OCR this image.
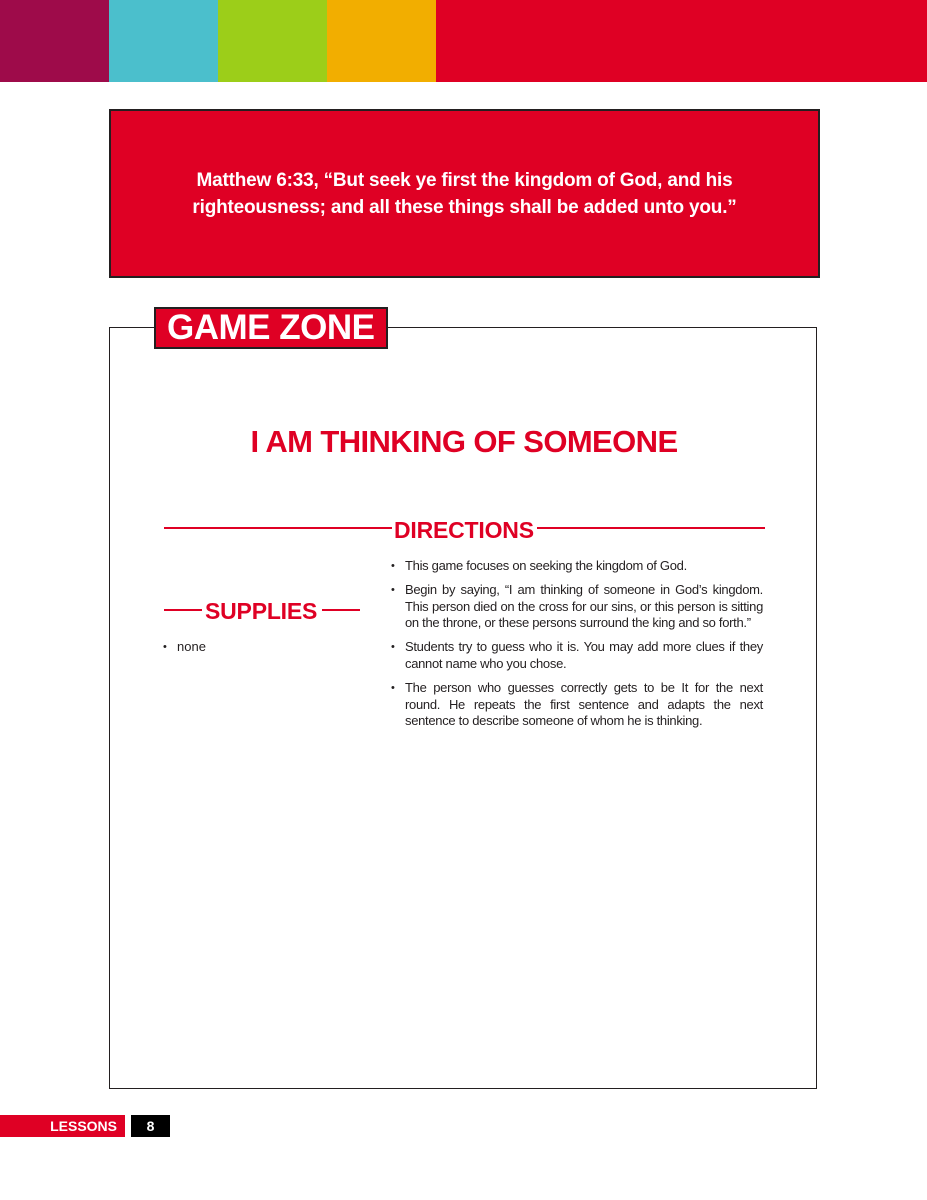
Matthew 6:33, “But seek ye first the kingdom of God, and his righteousness; and all these things shall be added unto you.”
GAME ZONE
I AM THINKING OF SOMEONE
DIRECTIONS
SUPPLIES
• none
• This game focuses on seeking the kingdom of God.
• Begin by saying, “I am thinking of someone in God’s kingdom. This person died on the cross for our sins, or this person is sitting on the throne, or these persons surround the king and so forth.”
• Students try to guess who it is. You may add more clues if they cannot name who you chose.
• The person who guesses correctly gets to be It for the next round. He repeats the first sentence and adapts the next sentence to describe someone of whom he is thinking.
LESSONS	8
